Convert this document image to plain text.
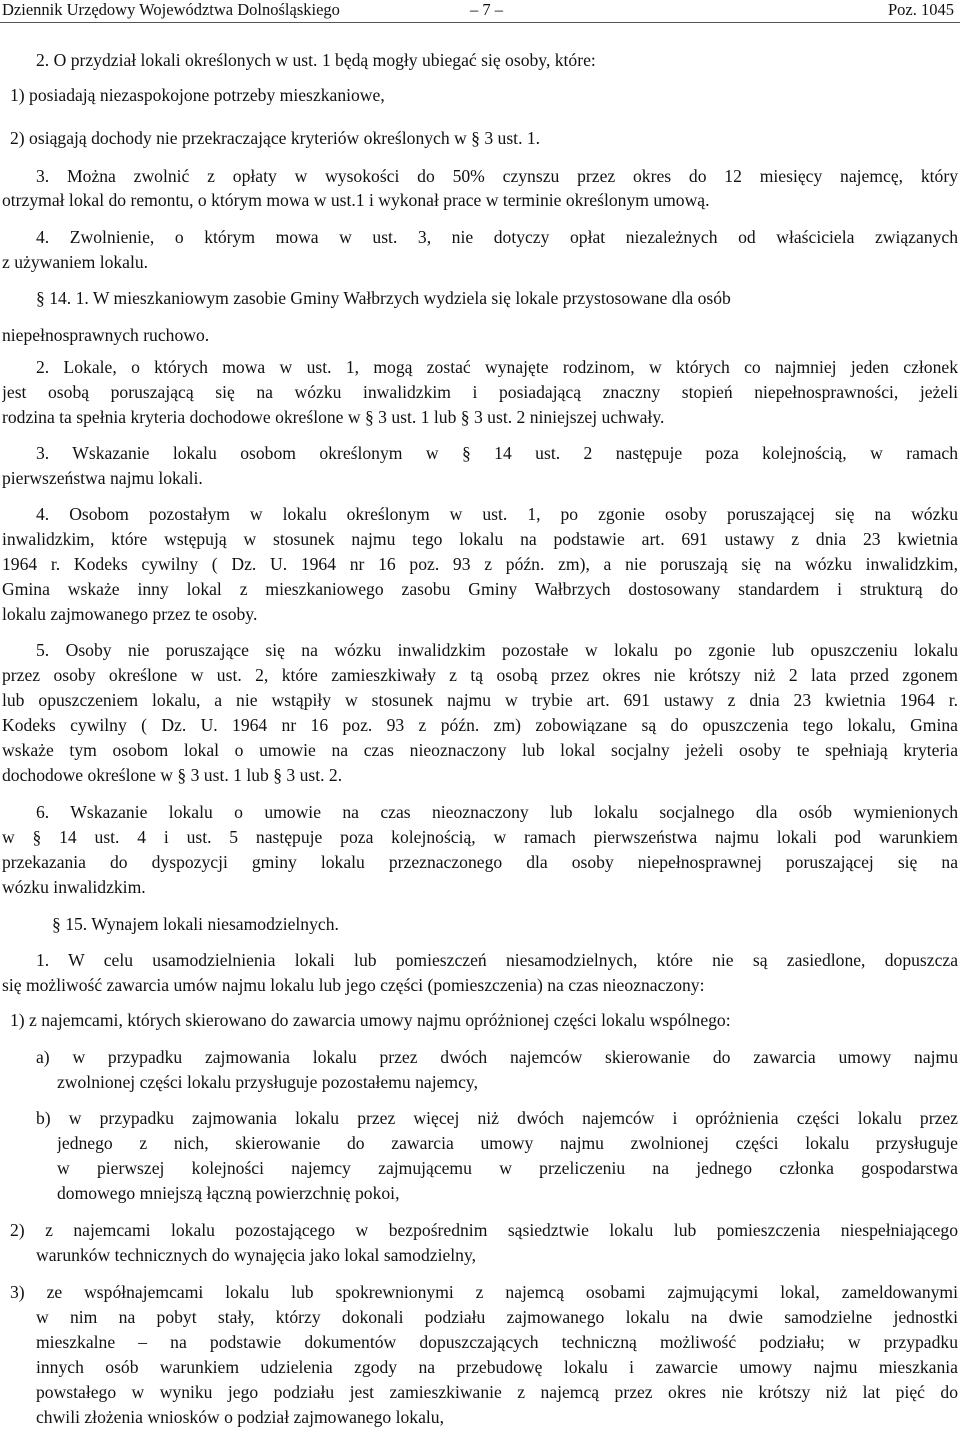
Dziennik Urzędowy Województwa Dolnośląskiego	– 7 –	Poz. 1045
2. O przydział lokali określonych w ust. 1 będą mogły ubiegać się osoby, które:
1) posiadają niezaspokojone potrzeby mieszkaniowe,
2) osiągają dochody nie przekraczające kryteriów określonych w § 3 ust. 1.
3. Można zwolnić z opłaty w wysokości do 50% czynszu przez okres do 12 miesięcy najemcę, który
otrzymał lokal do remontu, o którym mowa w ust.1 i wykonał prace w terminie określonym umową.
4. Zwolnienie, o którym mowa w ust. 3, nie dotyczy opłat niezależnych od właściciela związanych
z używaniem lokalu.
§ 14. 1. W mieszkaniowym zasobie Gminy Wałbrzych wydziela się lokale przystosowane dla osób
niepełnosprawnych ruchowo.
2. Lokale, o których mowa w ust. 1, mogą zostać wynajęte rodzinom, w których co najmniej jeden członek
jest osobą poruszającą się na wózku inwalidzkim i posiadającą znaczny stopień niepełnosprawności, jeżeli
rodzina ta spełnia kryteria dochodowe określone w § 3 ust. 1 lub § 3 ust. 2 niniejszej uchwały.
3. Wskazanie lokalu osobom określonym w § 14 ust. 2 następuje poza kolejnością, w ramach
pierwszeństwa najmu lokali.
4. Osobom pozostałym w lokalu określonym w ust. 1, po zgonie osoby poruszającej się na wózku
inwalidzkim, które wstępują w stosunek najmu tego lokalu na podstawie art. 691 ustawy z dnia 23 kwietnia
1964 r. Kodeks cywilny ( Dz. U. 1964 nr 16 poz. 93 z późn. zm), a nie poruszają się na wózku inwalidzkim,
Gmina wskaże inny lokal z mieszkaniowego zasobu Gminy Wałbrzych dostosowany standardem i strukturą do
lokalu zajmowanego przez te osoby.
5. Osoby nie poruszające się na wózku inwalidzkim pozostałe w lokalu po zgonie lub opuszczeniu lokalu
przez osoby określone w ust. 2, które zamieszkiwały z tą osobą przez okres nie krótszy niż 2 lata przed zgonem
lub opuszczeniem lokalu, a nie wstąpiły w stosunek najmu w trybie art. 691 ustawy z dnia 23 kwietnia 1964 r.
Kodeks cywilny ( Dz. U. 1964 nr 16 poz. 93 z późn. zm) zobowiązane są do opuszczenia tego lokalu, Gmina
wskaże tym osobom lokal o umowie na czas nieoznaczony lub lokal socjalny jeżeli osoby te spełniają kryteria
dochodowe określone w § 3 ust. 1 lub § 3 ust. 2.
6. Wskazanie lokalu o umowie na czas nieoznaczony lub lokalu socjalnego dla osób wymienionych
w § 14 ust. 4 i ust. 5 następuje poza kolejnością, w ramach pierwszeństwa najmu lokali pod warunkiem
przekazania do dyspozycji gminy lokalu przeznaczonego dla osoby niepełnosprawnej poruszającej się na
wózku inwalidzkim.
§ 15. Wynajem lokali niesamodzielnych.
1. W celu usamodzielnienia lokali lub pomieszczeń niesamodzielnych, które nie są zasiedlone, dopuszcza
się możliwość zawarcia umów najmu lokalu lub jego części (pomieszczenia) na czas nieoznaczony:
1) z najemcami, których skierowano do zawarcia umowy najmu opróżnionej części lokalu wspólnego:
a) w przypadku zajmowania lokalu przez dwóch najemców skierowanie do zawarcia umowy najmu
zwolnionej części lokalu przysługuje pozostałemu najemcy,
b) w przypadku zajmowania lokalu przez więcej niż dwóch najemców i opróżnienia części lokalu przez
jednego z nich, skierowanie do zawarcia umowy najmu zwolnionej części lokalu przysługuje
w pierwszej kolejności najemcy zajmującemu w przeliczeniu na jednego członka gospodarstwa
domowego mniejszą łączną powierzchnię pokoi,
2) z najemcami lokalu pozostającego w bezpośrednim sąsiedztwie lokalu lub pomieszczenia niespełniającego
warunków technicznych do wynajęcia jako lokal samodzielny,
3) ze współnajemcami lokalu lub spokrewnionymi z najemcą osobami zajmującymi lokal, zameldowanymi
w nim na pobyt stały, którzy dokonali podziału zajmowanego lokalu na dwie samodzielne jednostki
mieszkalne – na podstawie dokumentów dopuszczających techniczną możliwość podziału; w przypadku
innych osób warunkiem udzielenia zgody na przebudowę lokalu i zawarcie umowy najmu mieszkania
powstałego w wyniku jego podziału jest zamieszkiwanie z najemcą przez okres nie krótszy niż lat pięć do
chwili złożenia wniosków o podział zajmowanego lokalu,
